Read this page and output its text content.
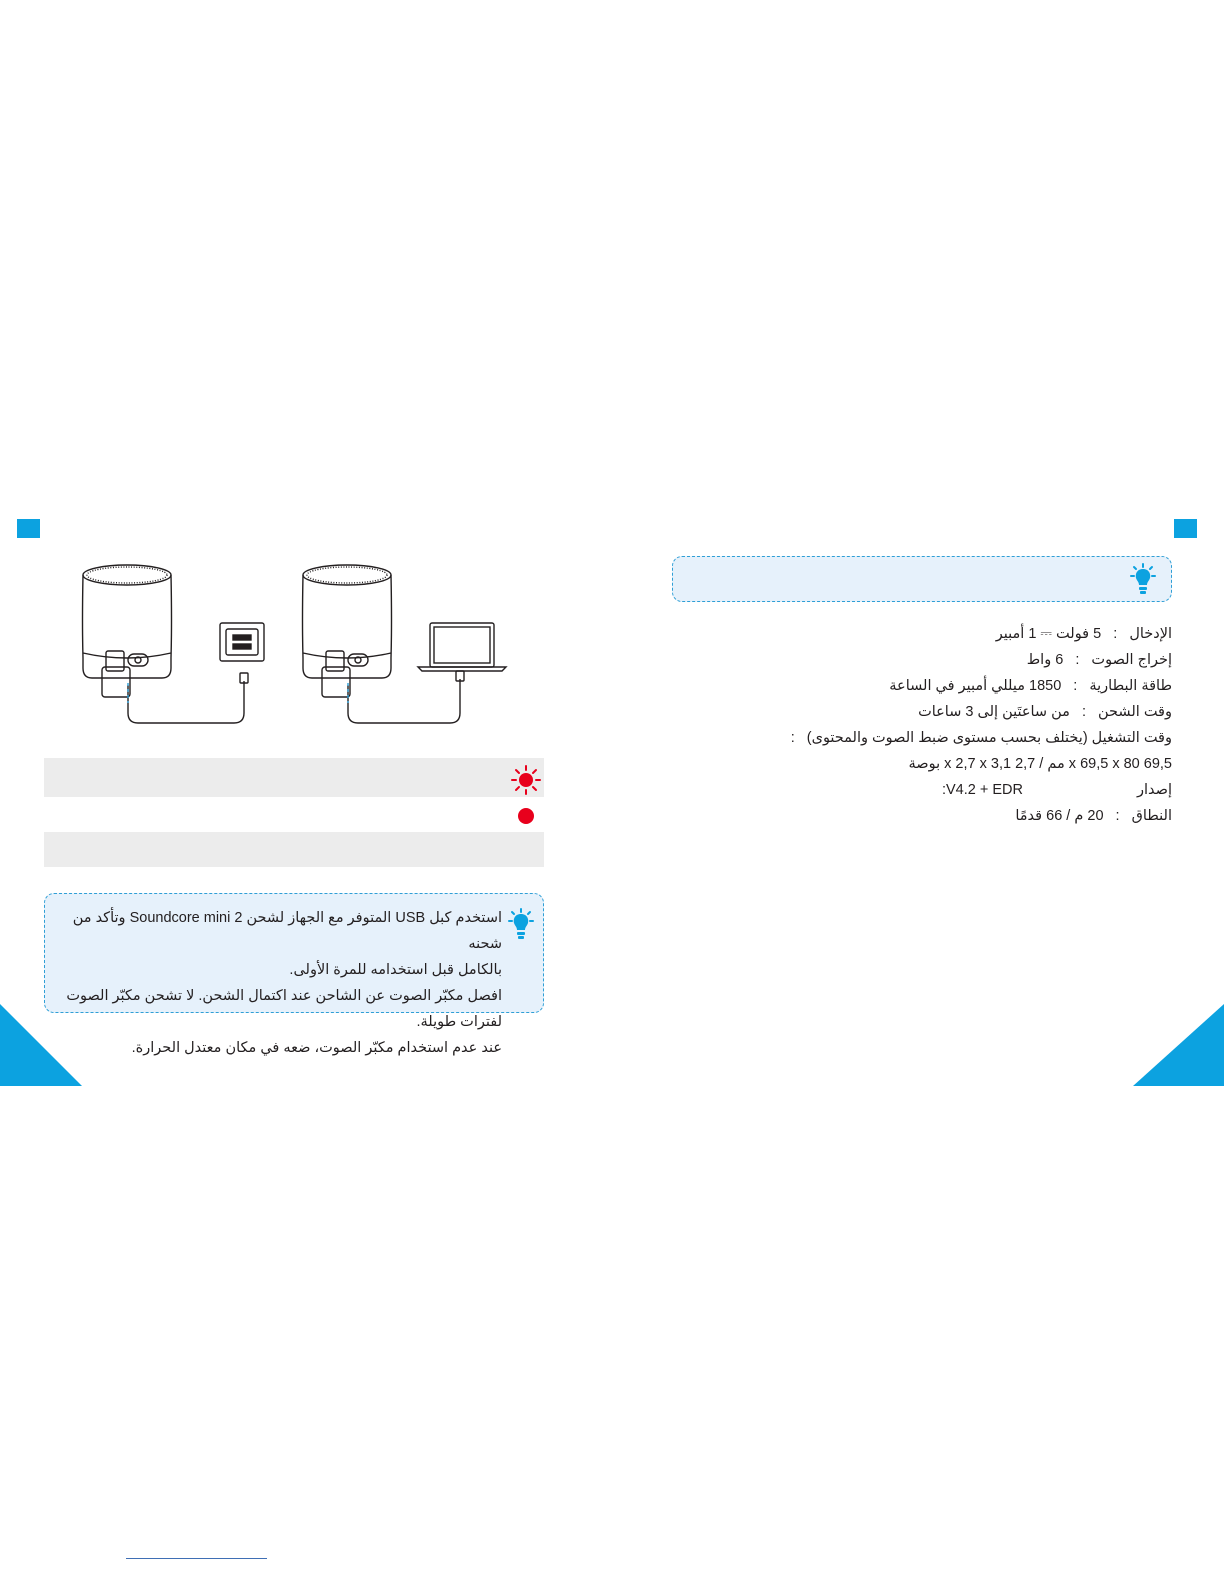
استخدم كبل USB المتوفر مع الجهاز لشحن Soundcore mini 2 وتأكد من شحنه
بالكامل قبل استخدامه للمرة الأولى.
افصل مكبّر الصوت عن الشاحن عند اكتمال الشحن. لا تشحن مكبّر الصوت لفترات طويلة.
عند عدم استخدام مكبّر الصوت، ضعه في مكان معتدل الحرارة.
الإدخال : 5 فولت ⎓ 1 أمبير
إخراج الصوت : 6 واط
طاقة البطارية : 1850 ميللي أمبير في الساعة
وقت الشحن : من ساعتَين إلى 3 ساعات
وقت التشغيل (يختلف بحسب مستوى ضبط الصوت والمحتوى) :
69,5 x 69,5 x 80 مم / 2,7 x 2,7 x 3,1 بوصة
إصدار V4.2 + EDR:
النطاق : 20 م / 66 قدمًا
